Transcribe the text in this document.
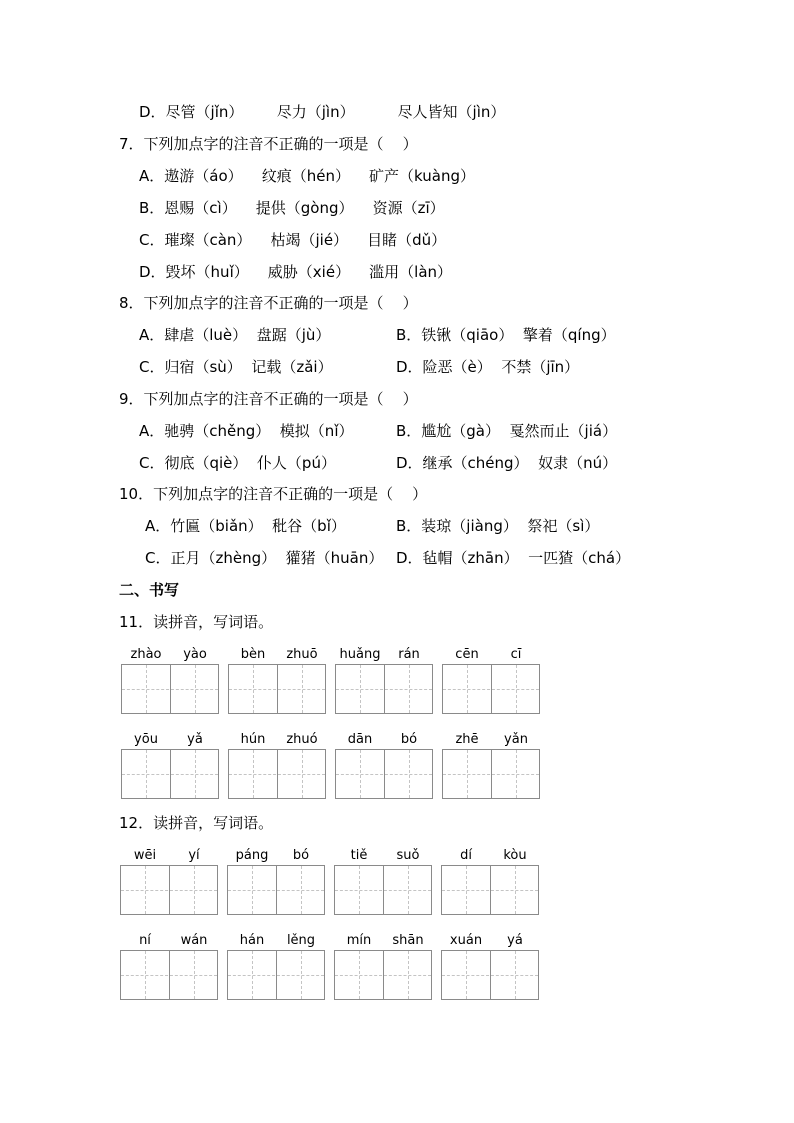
D．尽管（jǐn）       尽力（jìn）         尽人皆知（jìn）
7．下列加点字的注音不正确的一项是（    ）
A．遨游（áo）    纹痕（hén）    矿产（kuàng）
B．恩赐（cì）    提供（gòng）    资源（zī）
C．璀璨（càn）    枯竭（jié）    目睹（dǔ）
D．毁坏（huǐ）    威胁（xié）    滥用（làn）
8．下列加点字的注音不正确的一项是（    ）
A．肆虐（luè）  盘踞（jù）	B．铁锹（qiāo）  擎着（qíng）
C．归宿（sù）  记载（zǎi）	D．险恶（è）  不禁（jīn）
9．下列加点字的注音不正确的一项是（    ）
A．驰骋（chěng）  模拟（nǐ）	B．尴尬（gà）  戛然而止（jiá）
C．彻底（qiè）  仆人（pú）	D．继承（chéng）  奴隶（nú）
10．下列加点字的注音不正确的一项是（    ）
A．竹匾（biǎn）  秕谷（bǐ）	B．装琼（jiàng）  祭祀（sì）
C．正月（zhèng）  獾猪（huān） D．毡帽（zhān）  一匹猹（chá）
二、书写
11．读拼音，写词语。
zhào	yào	bèn	zhuō	huǎng	rán	cēn	cī
yōu	yǎ	hún	zhuó	dān	bó	zhē	yǎn
12．读拼音，写词语。
wēi	yí	páng	bó	tiě	suǒ	dí	kòu
ní	wán	hán	lěng	mín	shān	xuán	yá
